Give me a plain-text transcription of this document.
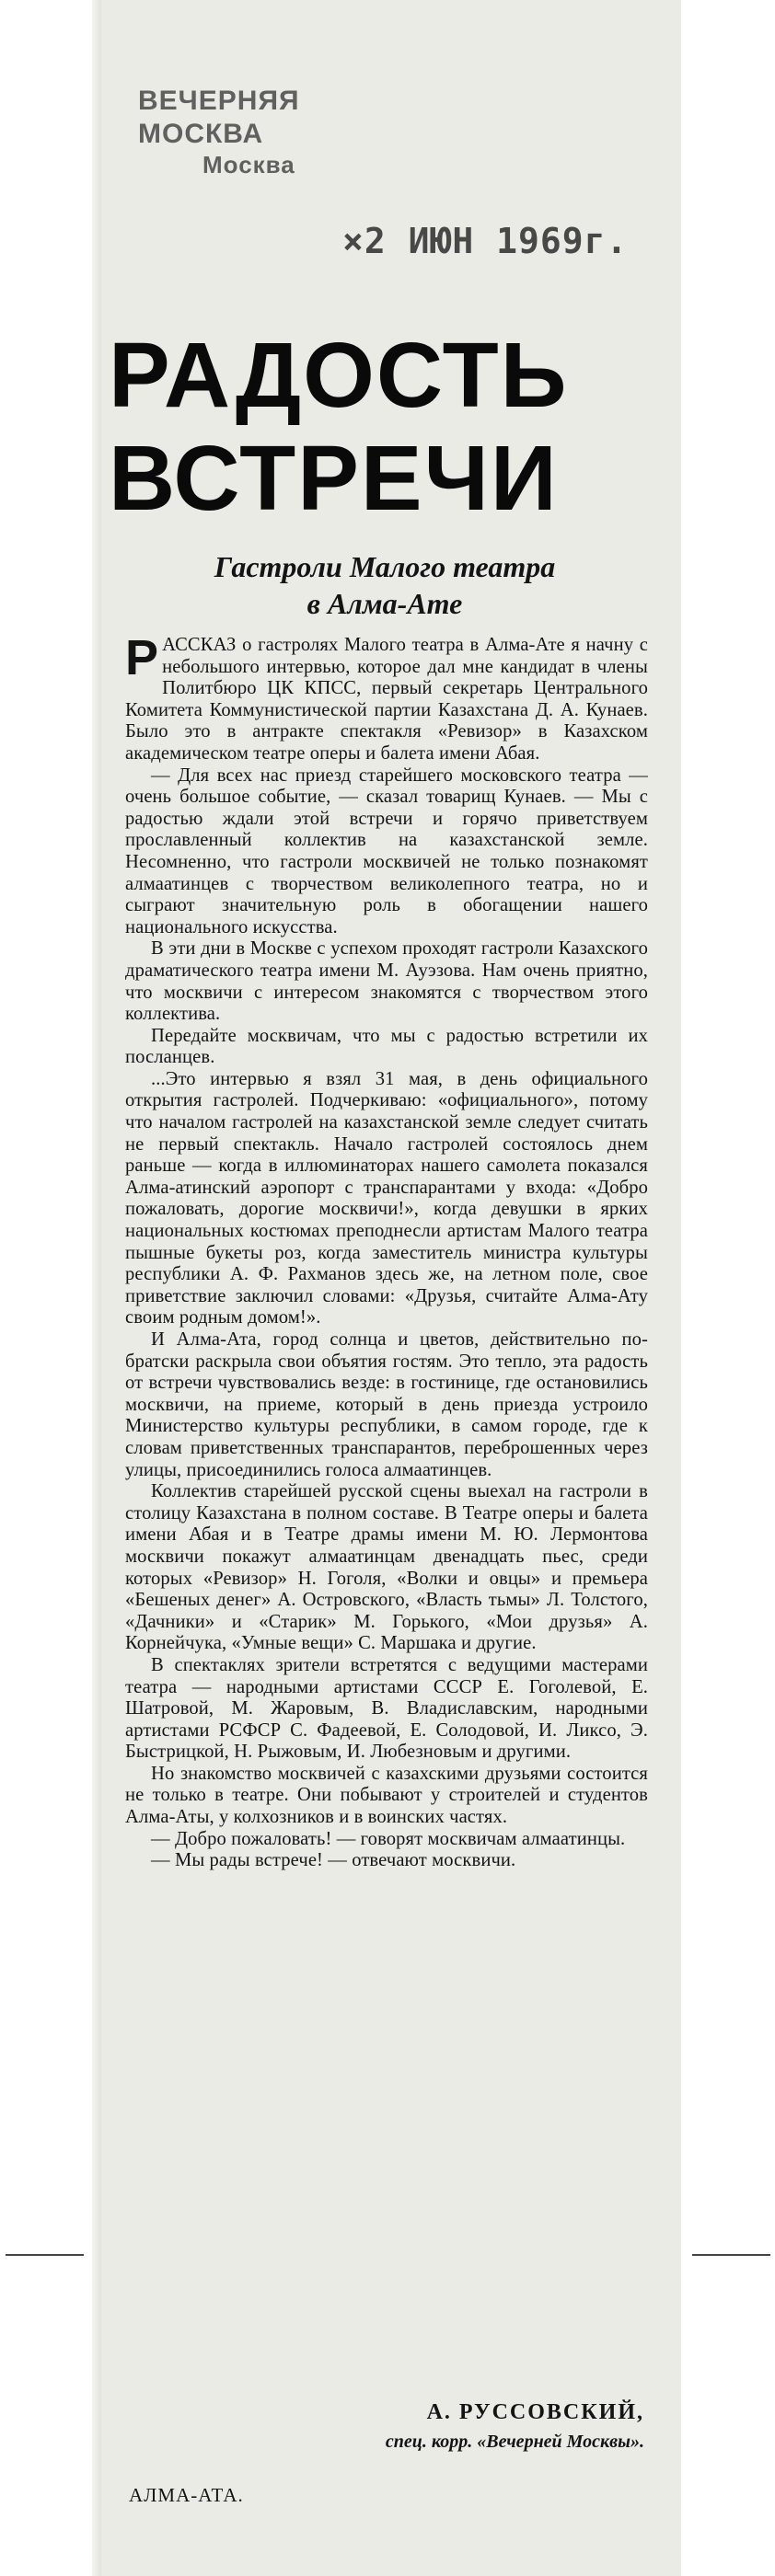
ВЕЧЕРНЯЯ МОСКВА
Москва
×2 ИЮН 1969г.
РАДОСТЬ
ВСТРЕЧИ
Гастроли Малого театра
в Алма-Ате

РАССКАЗ о гастролях Малого театра в Алма-Ате я начну с небольшого интервью, которое дал мне кандидат в члены Политбюро ЦК КПСС, первый секретарь Центрального Комитета Коммунистической партии Казахстана Д. А. Кунаев. Было это в антракте спектакля «Ревизор» в Казахском академическом театре оперы и балета имени Абая.

— Для всех нас приезд старейшего московского театра — очень большое событие, — сказал товарищ Кунаев. — Мы с радостью ждали этой встречи и горячо приветствуем прославленный коллектив на казахстанской земле. Несомненно, что гастроли москвичей не только познакомят алмаатинцев с творчеством великолепного театра, но и сыграют значительную роль в обогащении нашего национального искусства.

В эти дни в Москве с успехом проходят гастроли Казахского драматического театра имени М. Ауэзова. Нам очень приятно, что москвичи с интересом знакомятся с творчеством этого коллектива.

Передайте москвичам, что мы с радостью встретили их посланцев.

...Это интервью я взял 31 мая, в день официального открытия гастролей. Подчеркиваю: «официального», потому что началом гастролей на казахстанской земле следует считать не первый спектакль. Начало гастролей состоялось днем раньше — когда в иллюминаторах нашего самолета показался Алма-атинский аэропорт с транспарантами у входа: «Добро пожаловать, дорогие москвичи!», когда девушки в ярких национальных костюмах преподнесли артистам Малого театра пышные букеты роз, когда заместитель министра культуры республики А. Ф. Рахманов здесь же, на летном поле, свое приветствие заключил словами: «Друзья, считайте Алма-Ату своим родным домом!».

И Алма-Ата, город солнца и цветов, действительно по-братски раскрыла свои объятия гостям. Это тепло, эта радость от встречи чувствовались везде: в гостинице, где остановились москвичи, на приеме, который в день приезда устроило Министерство культуры республики, в самом городе, где к словам приветственных транспарантов, переброшенных через улицы, присоединились голоса алмаатинцев.

Коллектив старейшей русской сцены выехал на гастроли в столицу Казахстана в полном составе. В Театре оперы и балета имени Абая и в Театре драмы имени М. Ю. Лермонтова москвичи покажут алмаатинцам двенадцать пьес, среди которых «Ревизор» Н. Гоголя, «Волки и овцы» и премьера «Бешеных денег» А. Островского, «Власть тьмы» Л. Толстого, «Дачники» и «Старик» М. Горького, «Мои друзья» А. Корнейчука, «Умные вещи» С. Маршака и другие.

В спектаклях зрители встретятся с ведущими мастерами театра — народными артистами СССР Е. Гоголевой, Е. Шатровой, М. Жаровым, В. Владиславским, народными артистами РСФСР С. Фадеевой, Е. Солодовой, И. Ликсо, Э. Быстрицкой, Н. Рыжовым, И. Любезновым и другими.

Но знакомство москвичей с казахскими друзьями состоится не только в театре. Они побывают у строителей и студентов Алма-Аты, у колхозников и в воинских частях.

— Добро пожаловать! — говорят москвичам алмаатинцы.

— Мы рады встрече! — отвечают москвичи.

А. РУССОВСКИЙ,
спец. корр. «Вечерней Москвы».
АЛМА-АТА.
